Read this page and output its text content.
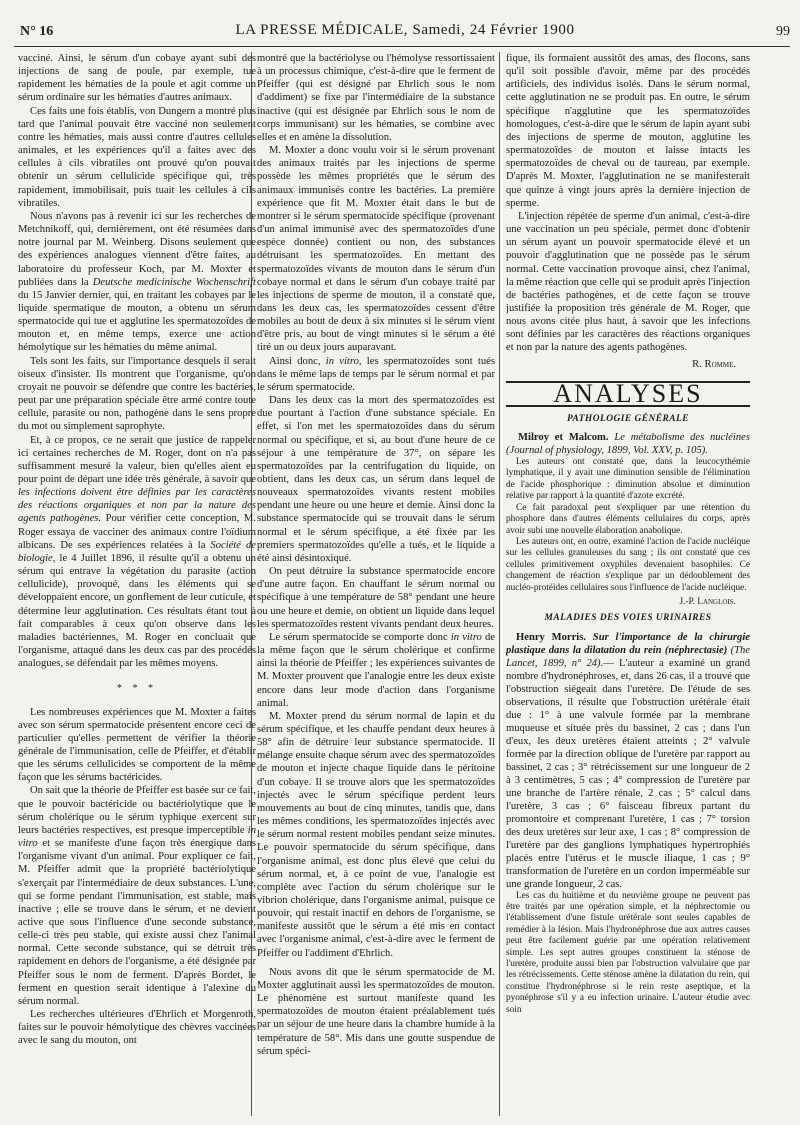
N° 16	LA PRESSE MÉDICALE, Samedi, 24 Février 1900	99

vacciné. Ainsi, le sérum d'un cobaye ayant subi des injections de sang de poule, par exemple, tue rapidement les hématies de la poule et agit comme un sérum ordinaire sur les hématies d'autres animaux.

Ces faits une fois établis, von Dungern a montré plus tard que l'animal pouvait être vacciné non seulement contre les hématies, mais aussi contre d'autres cellules animales, et les expériences qu'il a faites avec des cellules à cils vibratiles ont prouvé qu'on pouvait obtenir un sérum cellulicide spécifique qui, très rapidement, immobilisait, puis tuait les cellules à cils vibratiles.

Nous n'avons pas à revenir ici sur les recherches de Metchnikoff, qui, dernièrement, ont été résumées dans notre journal par M. Weinberg. Disons seulement que des expériences analogues viennent d'être faites, au laboratoire du professeur Koch, par M. Moxter et publiées dans la Deutsche medicinische Wochenschrift du 15 Janvier dernier, qui, en traitant les cobayes par le liquide spermatique de mouton, a obtenu un sérum spermatocide qui tue et agglutine les spermatozoïdes de mouton et, en même temps, exerce une action hémolytique sur les hématies du même animal.

Tels sont les faits, sur l'importance desquels il serait oiseux d'insister. Ils montrent que l'organisme, qu'on croyait ne pouvoir se défendre que contre les bactéries, peut par une préparation spéciale être armé contre toute cellule, parasite ou non, pathogène dans le sens propre du mot ou simplement saprophyte.

Et, à ce propos, ce ne serait que justice de rappeler ici certaines recherches de M. Roger, dont on n'a pas suffisamment mesuré la valeur, bien qu'elles aient eu pour point de départ une idée très générale, à savoir que les infections doivent être définies par les caractères des réactions organiques et non par la nature des agents pathogènes. Pour vérifier cette conception, M. Roger essaya de vacciner des animaux contre l'oïdium albicans. De ses expériences relatées à la Société de biologie, le 4 Juillet 1896, il résulte qu'il a obtenu un sérum qui entrave la végétation du parasite (action cellulicide), provoqué, dans les éléments qui se développaient encore, un gonflement de leur cuticule, et détermine leur agglutination. Ces résultats étant tout à fait comparables à ceux qu'on observe dans les maladies bactériennes, M. Roger en concluait que l'organisme, attaqué dans les deux cas par des procédés analogues, se défendait par les mêmes moyens.

* * *

Les nombreuses expériences que M. Moxter a faites avec son sérum spermatocide présentent encore ceci de particulier qu'elles permettent de vérifier la théorie générale de l'immunisation, celle de Pfeiffer, et d'établir que les sérums cellulicides se comportent de la même façon que les sérums bactéricides.

On sait que la théorie de Pfeiffer est basée sur ce fait, que le pouvoir bactéricide ou bactériolytique que le sérum cholérique ou le sérum typhique exercent sur leurs bactéries respectives, est presque imperceptible in vitro et se manifeste d'une façon très énergique dans l'organisme vivant d'un animal. Pour expliquer ce fait, M. Pfeiffer admit que la propriété bactériolytique s'exerçait par l'intermédiaire de deux substances. L'une, qui se forme pendant l'immunisation, est stable, mais inactive ; elle se trouve dans le sérum, et ne devient active que sous l'influence d'une seconde substance, celle-ci très peu stable, qui existe aussi chez l'animal normal. Cette seconde substance, qui se détruit très rapidement en dehors de l'organisme, a été désignée par Pfeiffer sous le nom de ferment. D'après Bordet, le ferment en question serait identique à l'alexine du sérum normal.

Les recherches ultérieures d'Ehrlich et Morgenroth, faites sur le pouvoir hémolytique des chèvres vaccinées avec le sang du mouton, ont

montré que la bactériolyse ou l'hémolyse ressortissaient à un processus chimique, c'est-à-dire que le ferment de Pfeiffer (qui est désigné par Ehrlich sous le nom d'addiment) se fixe par l'intermédiaire de la substance inactive (qui est désignée par Ehrlich sous le nom de corps immunisant) sur les hématies, se combine avec elles et en amène la dissolution.

M. Moxter a donc voulu voir si le sérum provenant des animaux traités par les injections de sperme possède les mêmes propriétés que le sérum des animaux immunisés contre les bactéries. La première expérience que fit M. Moxter était dans le but de montrer si le sérum spermatocide spécifique (provenant d'un animal immunisé avec des spermatozoïdes d'une espèce donnée) contient ou non, des substances détruisant les spermatozoïdes. En mettant des spermatozoïdes vivants de mouton dans le sérum d'un cobaye normal et dans le sérum d'un cobaye traité par les injections de sperme de mouton, il a constaté que, dans les deux cas, les spermatozoïdes cessent d'être mobiles au bout de deux à six minutes si le sérum vient d'être pris, au bout de vingt minutes si le sérum a été tiré un ou deux jours auparavant.

Ainsi donc, in vitro, les spermatozoïdes sont tués dans le même laps de temps par le sérum normal et par le sérum spermatocide.

Dans les deux cas la mort des spermatozoïdes est due pourtant à l'action d'une substance spéciale. En effet, si l'on met les spermatozoïdes dans du sérum normal ou spécifique, et si, au bout d'une heure de ce séjour à une température de 37°, on sépare les spermatozoïdes par la centrifugation du liquide, on obtient, dans les deux cas, un sérum dans lequel de nouveaux spermatozoïdes vivants restent mobiles pendant une heure ou une heure et demie. Ainsi donc la substance spermatocide qui se trouvait dans le sérum normal et le sérum spécifique, a été fixée par les premiers spermatozoïdes qu'elle a tués, et le liquide a été ainsi désintoxiqué.

On peut détruire la substance spermatocide encore d'une autre façon. En chauffant le sérum normal ou spécifique à une température de 58° pendant une heure ou une heure et demie, on obtient un liquide dans lequel les spermatozoïdes restent vivants pendant deux heures.

Le sérum spermatocide se comporte donc in vitro de la même façon que le sérum cholérique et confirme ainsi la théorie de Pfeiffer ; les expériences suivantes de M. Moxter prouvent que l'analogie entre les deux existe encore dans leur mode d'action dans l'organisme animal.

M. Moxter prend du sérum normal de lapin et du sérum spécifique, et les chauffe pendant deux heures à 58° afin de détruire leur substance spermatocide. Il mélange ensuite chaque sérum avec des spermatozoïdes de mouton et injecte chaque liquide dans le péritoine d'un cobaye. Il se trouve alors que les spermatozoïdes injectés avec le sérum spécifique perdent leurs mouvements au bout de cinq minutes, tandis que, dans les mêmes conditions, les spermatozoïdes injectés avec le sérum normal restent mobiles pendant seize minutes. Le pouvoir spermatocide du sérum spécifique, dans l'organisme animal, est donc plus élevé que celui du sérum normal, et, à ce point de vue, l'analogie est complète avec l'action du sérum cholérique sur le vibrion cholérique, dans l'organisme animal, puisque ce pouvoir, qui restait inactif en dehors de l'organisme, se manifeste aussitôt que le sérum a été mis en contact avec l'organisme animal, c'est-à-dire avec le ferment de Pfeiffer ou l'addiment d'Ehrlich.

Nous avons dit que le sérum spermatocide de M. Moxter agglutinait aussi les spermatozoïdes de mouton. Le phénomène est surtout manifeste quand les spermatozoïdes de mouton étaient préalablement tués par un séjour de une heure dans la chambre humide à la température de 58°. Mis dans une goutte suspendue de sérum spéci-

fique, ils formaient aussitôt des amas, des flocons, sans qu'il soit possible d'avoir, même par des procédés artificiels, des individus isolés. Dans le sérum normal, cette agglutination ne se produit pas. En outre, le sérum spécifique n'agglutine que les spermatozoïdes homologues, c'est-à-dire que le sérum de lapin ayant subi des injections de sperme de mouton, agglutine les spermatozoïdes de mouton et laisse intacts les spermatozoïdes de cheval ou de taureau, par exemple. D'après M. Moxter, l'agglutination ne se manifesterait que quinze à vingt jours après la dernière injection de sperme.

L'injection répétée de sperme d'un animal, c'est-à-dire une vaccination un peu spéciale, permet donc d'obtenir un sérum ayant un pouvoir spermatocide élevé et un pouvoir d'agglutination que ne possède pas le sérum normal. Cette vaccination provoque ainsi, chez l'animal, la même réaction que celle qui se produit après l'injection de bactéries pathogènes, et de cette façon se trouve justifiée la proposition très générale de M. Roger, que nous avons citée plus haut, à savoir que les infections sont définies par les caractères des réactions organiques et non par la nature des agents pathogènes.

R. Romme.
ANALYSES
PATHOLOGIE GÉNÉRALE

Milroy et Malcom. Le métabolisme des nucléines (Journal of physiology, 1899, Vol. XXV, p. 105).

Les auteurs ont constaté que, dans la leucocythémie lymphatique, il y avait une diminution sensible de l'élimination de l'acide phosphorique : diminution absolue et diminution relative par rapport à la quantité d'azote excrété.

Ce fait paradoxal peut s'expliquer par une rétention du phosphore dans d'autres éléments cellulaires du corps, après avoir subi une nouvelle élaboration anabolique.

Les auteurs ont, en outre, examiné l'action de l'acide nucléique sur les cellules granuleuses du sang ; ils ont constaté que ces cellules primitivement oxyphiles devenaient basophiles. Ce changement de réaction s'explique par un dédoublement des nucléo-protéides cellulaires sous l'influence de l'acide nucléique.

J.-P. Langlois.
MALADIES DES VOIES URINAIRES

Henry Morris. Sur l'importance de la chirurgie plastique dans la dilatation du rein (néphrectasie) (The Lancet, 1899, n° 24).— L'auteur a examiné un grand nombre d'hydronéphroses, et, dans 26 cas, il a trouvé que l'obstruction siégeait dans l'uretère. De l'étude de ses observations, il résulte que l'obstruction urétérale était due : 1° à une valvule formée par la membrane muqueuse et située près du bassinet, 2 cas ; dans l'un d'eux, les deux uretères étaient atteints ; 2° valvule formée par la direction oblique de l'uretère par rapport au bassinet, 2 cas ; 3° rétrécissement sur une longueur de 2 à 3 centimètres, 5 cas ; 4° compression de l'uretère par une branche de l'artère rénale, 2 cas ; 5° calcul dans l'uretère, 3 cas ; 6° faisceau fibreux partant du promontoire et comprenant l'uretère, 1 cas ; 7° torsion des deux uretères sur leur axe, 1 cas ; 8° compression de l'uretère par des ganglions lymphatiques hypertrophiés placés entre l'utérus et le muscle iliaque, 1 cas ; 9° transformation de l'uretère en un cordon imperméable sur une grande longueur, 2 cas.

Les cas du huitième et du neuvième groupe ne peuvent pas être traités par une opération simple, et la néphrectomie ou l'établissement d'une fistule urétérale sont seules capables de remédier à la lésion. Mais l'hydronéphrose due aux autres causes peut être facilement guérie par une opération relativement simple. Les sept autres groupes constituent la sténose de l'uretère, produite aussi bien par l'obstruction valvulaire que par les rétrécissements. Cette sténose amène la dilatation du rein, qui constitue l'hydronéphrose si le rein reste aseptique, et la pyonéphrose s'il y a eu infection urinaire. L'auteur étudie avec soin
